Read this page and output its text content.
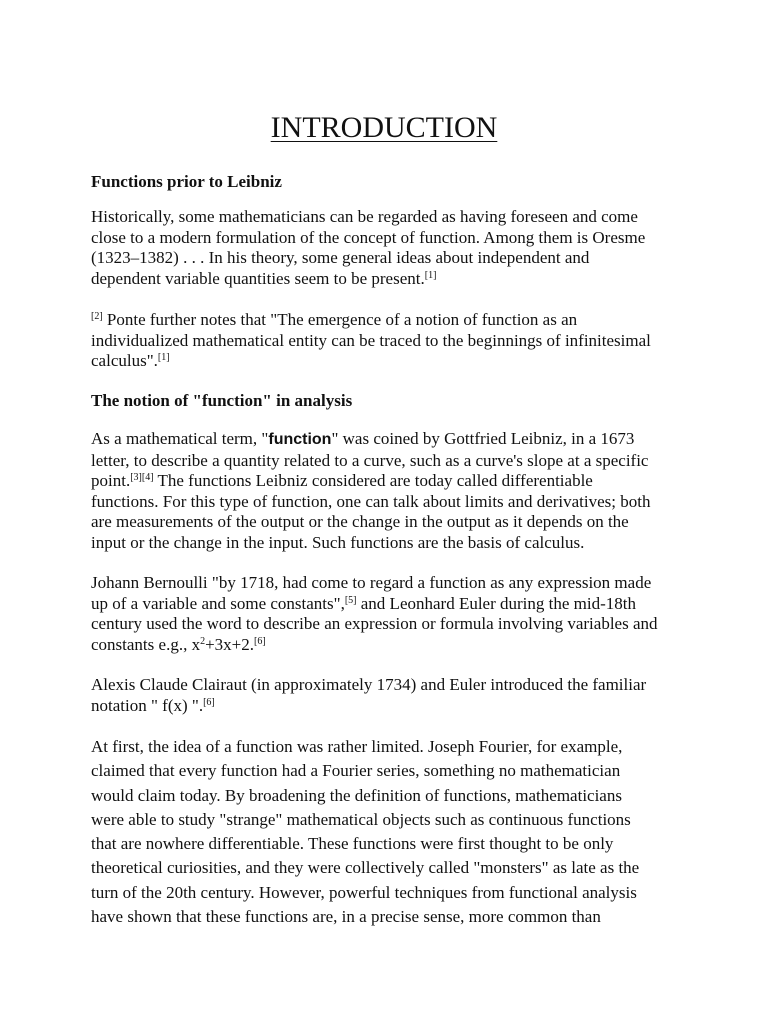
INTRODUCTION
Functions prior to Leibniz

Historically, some mathematicians can be regarded as having foreseen and come
close to a modern formulation of the concept of function. Among them is Oresme
(1323–1382) . . . In his theory, some general ideas about independent and
dependent variable quantities seem to be present.[1]

[2] Ponte further notes that "The emergence of a notion of function as an
individualized mathematical entity can be traced to the beginnings of infinitesimal
calculus".[1]

The notion of "function" in analysis

As a mathematical term, "function" was coined by Gottfried Leibniz, in a 1673
letter, to describe a quantity related to a curve, such as a curve's slope at a specific
point.[3][4] The functions Leibniz considered are today called differentiable
functions. For this type of function, one can talk about limits and derivatives; both
are measurements of the output or the change in the output as it depends on the
input or the change in the input. Such functions are the basis of calculus.

Johann Bernoulli "by 1718, had come to regard a function as any expression made
up of a variable and some constants",[5] and Leonhard Euler during the mid-18th
century used the word to describe an expression or formula involving variables and
constants e.g., $x^2+3x+2.[6]$

Alexis Claude Clairaut (in approximately 1734) and Euler introduced the familiar
notation " f(x) ".[6]

At first, the idea of a function was rather limited. Joseph Fourier, for example,
claimed that every function had a Fourier series, something no mathematician
would claim today. By broadening the definition of functions, mathematicians
were able to study "strange" mathematical objects such as continuous functions
that are nowhere differentiable. These functions were first thought to be only
theoretical curiosities, and they were collectively called "monsters" as late as the
turn of the 20th century. However, powerful techniques from functional analysis
have shown that these functions are, in a precise sense, more common than
